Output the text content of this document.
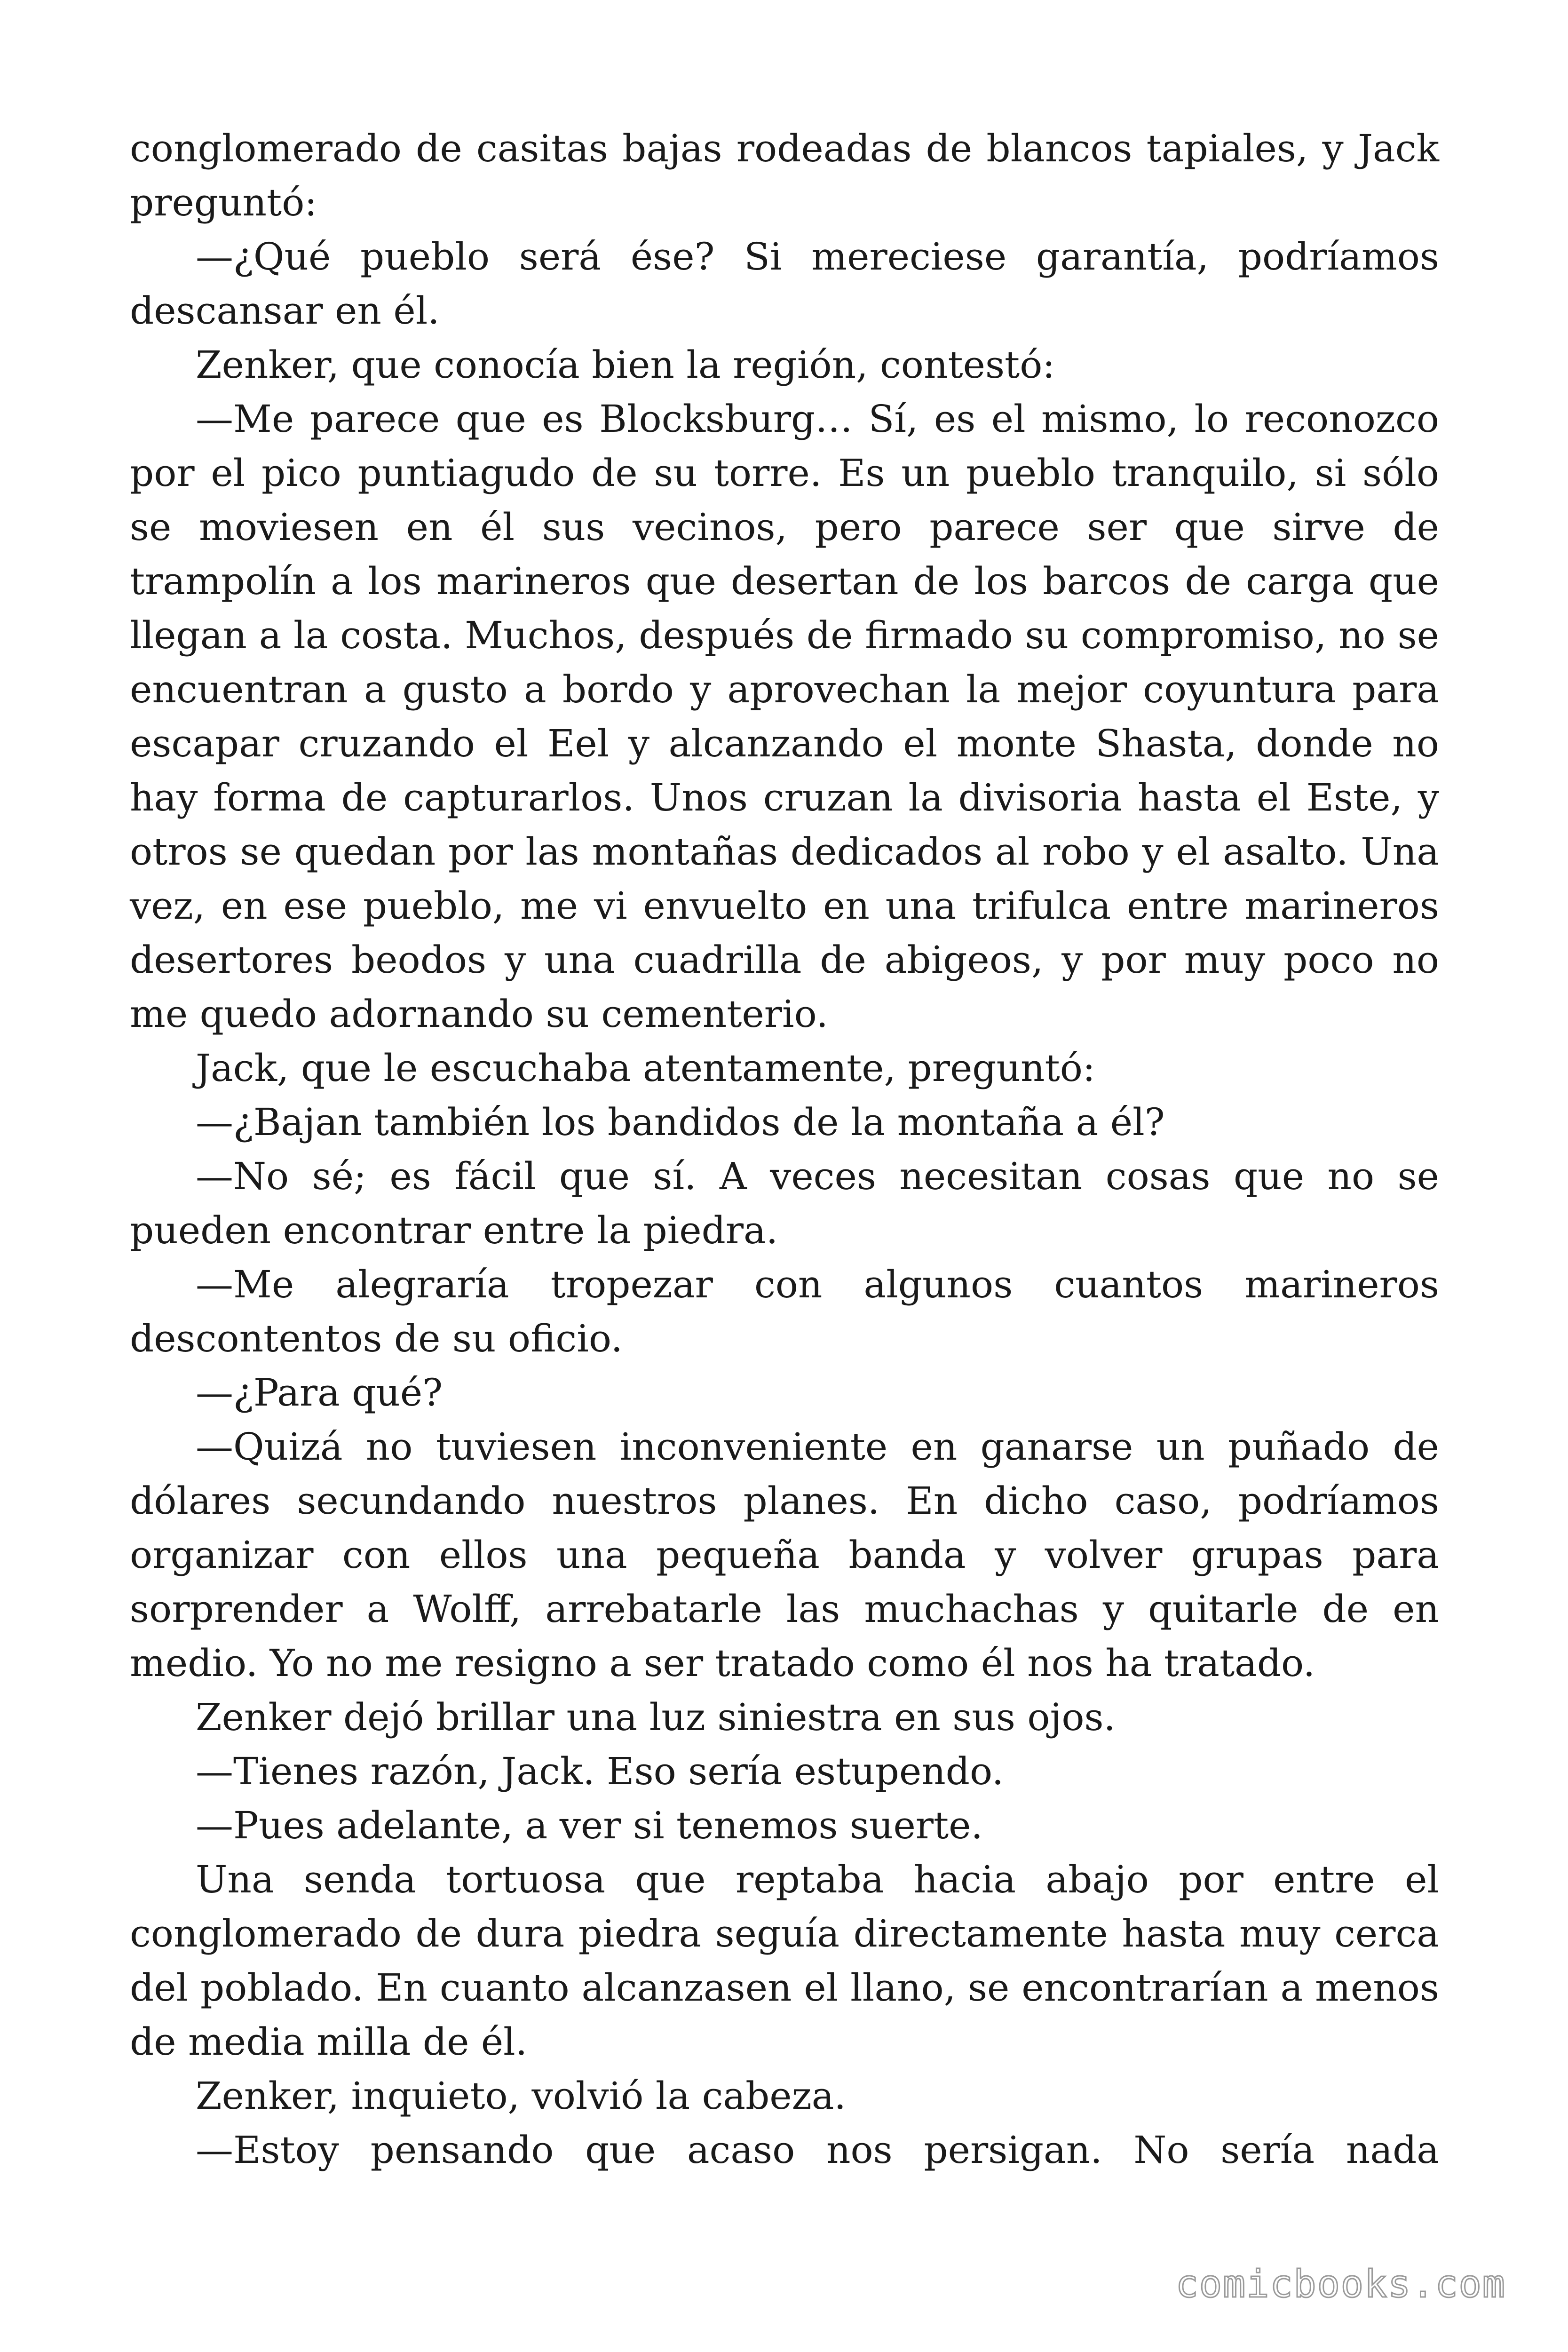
conglomerado de casitas bajas rodeadas de blancos tapiales, y Jack preguntó:

—¿Qué pueblo será ése? Si mereciese garantía, podríamos descansar en él.

Zenker, que conocía bien la región, contestó:

—Me parece que es Blocksburg… Sí, es el mismo, lo reconozco por el pico puntiagudo de su torre. Es un pueblo tranquilo, si sólo se moviesen en él sus vecinos, pero parece ser que sirve de trampolín a los marineros que desertan de los barcos de carga que llegan a la costa. Muchos, después de firmado su compromiso, no se encuentran a gusto a bordo y aprovechan la mejor coyuntura para escapar cruzando el Eel y alcanzando el monte Shasta, donde no hay forma de capturarlos. Unos cruzan la divisoria hasta el Este, y otros se quedan por las montañas dedicados al robo y el asalto. Una vez, en ese pueblo, me vi envuelto en una trifulca entre marineros desertores beodos y una cuadrilla de abigeos, y por muy poco no me quedo adornando su cementerio.

Jack, que le escuchaba atentamente, preguntó:

—¿Bajan también los bandidos de la montaña a él?

—No sé; es fácil que sí. A veces necesitan cosas que no se pueden encontrar entre la piedra.

—Me alegraría tropezar con algunos cuantos marineros descontentos de su oficio.

—¿Para qué?

—Quizá no tuviesen inconveniente en ganarse un puñado de dólares secundando nuestros planes. En dicho caso, podríamos organizar con ellos una pequeña banda y volver grupas para sorprender a Wolff, arrebatarle las muchachas y quitarle de en medio. Yo no me resigno a ser tratado como él nos ha tratado.

Zenker dejó brillar una luz siniestra en sus ojos.

—Tienes razón, Jack. Eso sería estupendo.

—Pues adelante, a ver si tenemos suerte.

Una senda tortuosa que reptaba hacia abajo por entre el conglomerado de dura piedra seguía directamente hasta muy cerca del poblado. En cuanto alcanzasen el llano, se encontrarían a menos de media milla de él.

Zenker, inquieto, volvió la cabeza.

—Estoy pensando que acaso nos persigan. No sería nada

comicbooks.com
